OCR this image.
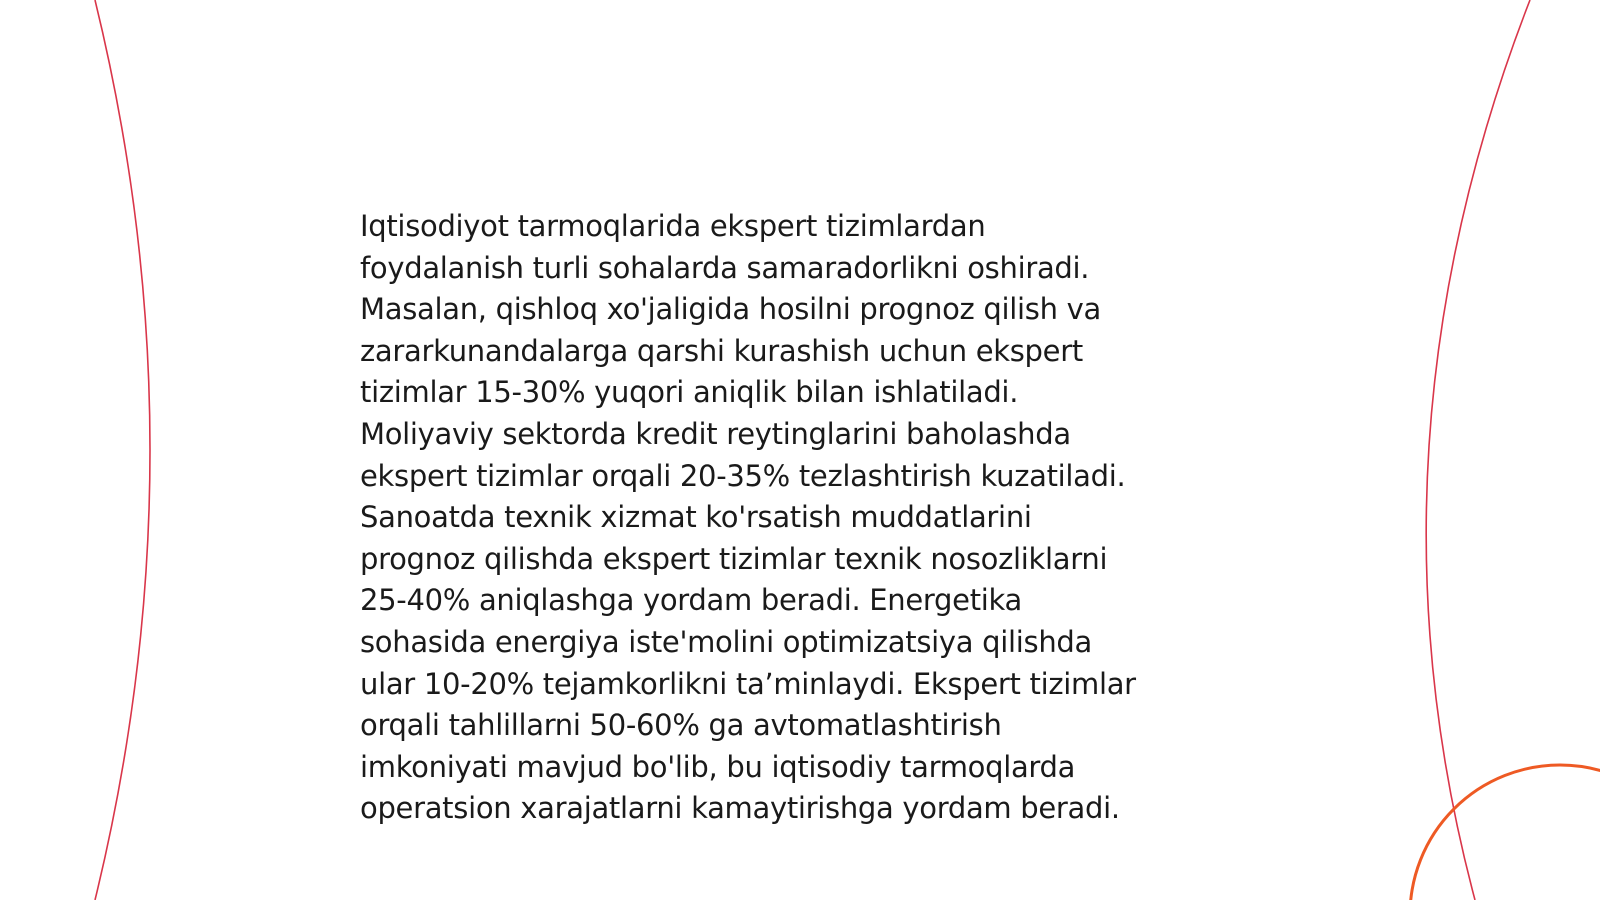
Iqtisodiyot tarmoqlarida ekspert tizimlardan
foydalanish turli sohalarda samaradorlikni oshiradi.
Masalan, qishloq xo'jaligida hosilni prognoz qilish va
zararkunandalarga qarshi kurashish uchun ekspert
tizimlar 15-30% yuqori aniqlik bilan ishlatiladi.
Moliyaviy sektorda kredit reytinglarini baholashda
ekspert tizimlar orqali 20-35% tezlashtirish kuzatiladi.
Sanoatda texnik xizmat ko'rsatish muddatlarini
prognoz qilishda ekspert tizimlar texnik nosozliklarni
25-40% aniqlashga yordam beradi. Energetika
sohasida energiya iste'molini optimizatsiya qilishda
ular 10-20% tejamkorlikni ta’minlaydi. Ekspert tizimlar
orqali tahlillarni 50-60% ga avtomatlashtirish
imkoniyati mavjud bo'lib, bu iqtisodiy tarmoqlarda
operatsion xarajatlarni kamaytirishga yordam beradi.
